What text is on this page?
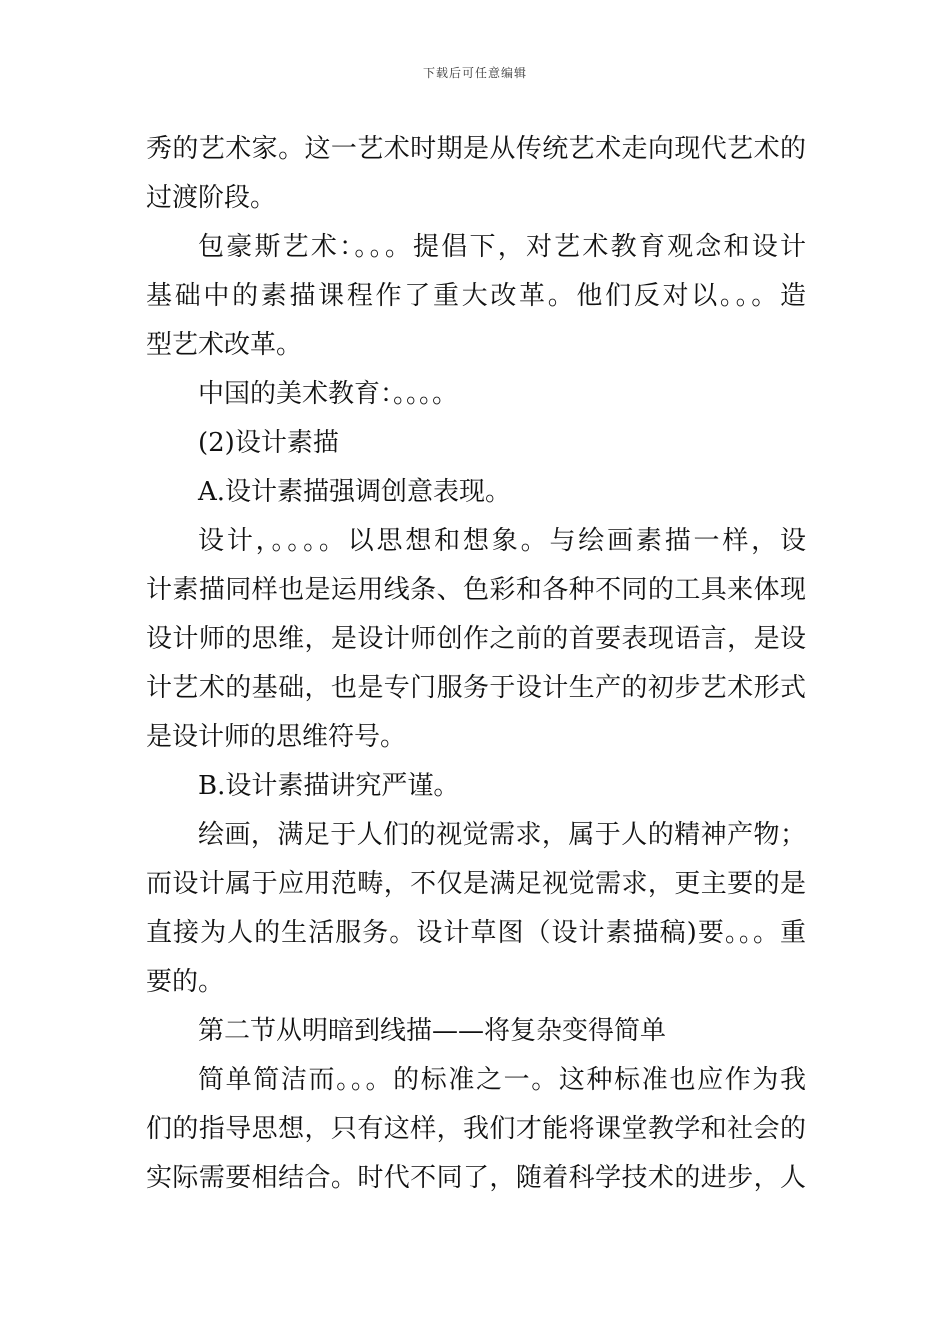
下载后可任意编辑
秀的艺术家。这一艺术时期是从传统艺术走向现代艺术的
过渡阶段。
包豪斯艺术：。。。提倡下，对艺术教育观念和设计
基础中的素描课程作了重大改革。他们反对以。。。造
型艺术改革。
中国的美术教育：。。。。
(2)设计素描
A.设计素描强调创意表现。
设计，。。。。以思想和想象。与绘画素描一样，设
计素描同样也是运用线条、色彩和各种不同的工具来体现
设计师的思维，是设计师创作之前的首要表现语言，是设
计艺术的基础，也是专门服务于设计生产的初步艺术形式
是设计师的思维符号。
B.设计素描讲究严谨。
绘画，满足于人们的视觉需求，属于人的精神产物；
而设计属于应用范畴，不仅是满足视觉需求，更主要的是
直接为人的生活服务。设计草图（设计素描稿)要。。。重
要的。
第二节从明暗到线描——将复杂变得简单
简单简洁而。。。的标准之一。这种标准也应作为我
们的指导思想，只有这样，我们才能将课堂教学和社会的
实际需要相结合。时代不同了，随着科学技术的进步，人
